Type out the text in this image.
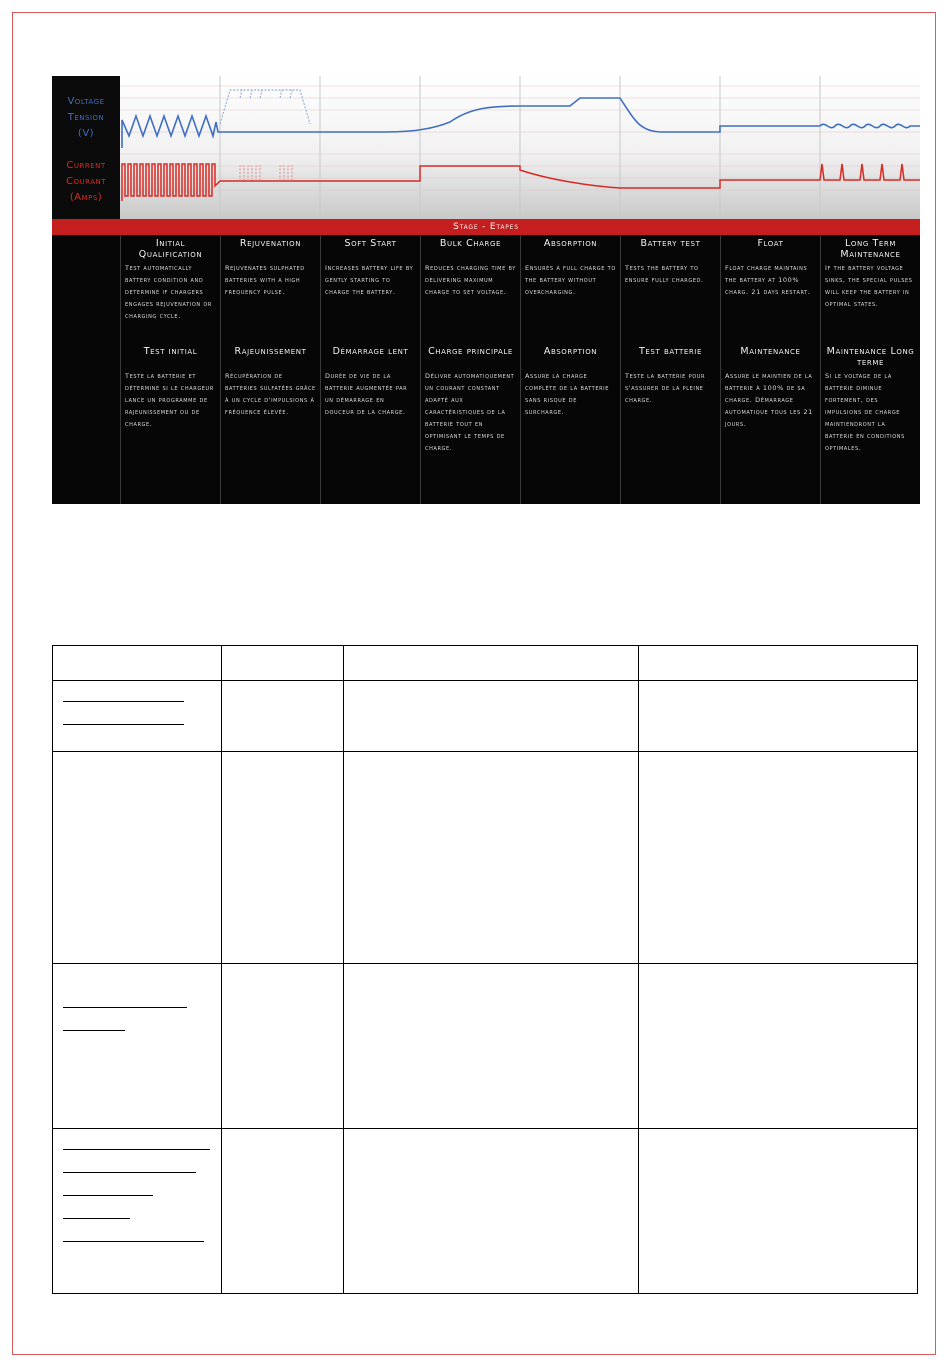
Voltage
Tension
(V)
Current
Courant
(Amps)
Stage - Etapes
Initial Qualification
Test automatically battery condition and determine if chargers engages rejuvenation or charging cycle.
Test initial
Teste la batterie et détermine si le chargeur lance un programme de rajeunissement ou de charge.
Rejuvenation
Rejuvenates sulphated batteries with a high frequency pulse.
Rajeunissement
Récupération de batteries sulfatées grâce à un cycle d'impulsions à fréquence élevée.
Soft Start
Increases battery life by gently starting to charge the battery.
Démarrage lent
Durée de vie de la batterie augmentée par un démarrage en douceur de la charge.
Bulk Charge
Reduces charging time by delivering maximum charge to set voltage.
Charge principale
Délivre automatiquement un courant constant adapté aux caractéristiques de la batterie tout en optimisant le temps de charge.
Absorption
Ensures a full charge to the battery without overcharging.
Absorption
Assure la charge complète de la batterie sans risque de surcharge.
Battery test
Tests the battery to ensure fully charged.
Test batterie
Teste la batterie pour s'assurer de la pleine charge.
Float
Float charge maintains the battery at 100% charg. 21 days restart.
Maintenance
Assure le maintien de la batterie à 100% de sa charge. Démarrage automatique tous les 21 jours.
Long Term Maintenance
If the battery voltage sinks, the special pulses will keep the battery in optimal states.
Maintenance Long terme
Si le voltage de la batterie diminue fortement, des impulsions de charge maintiendront la batterie en conditions optimales.
